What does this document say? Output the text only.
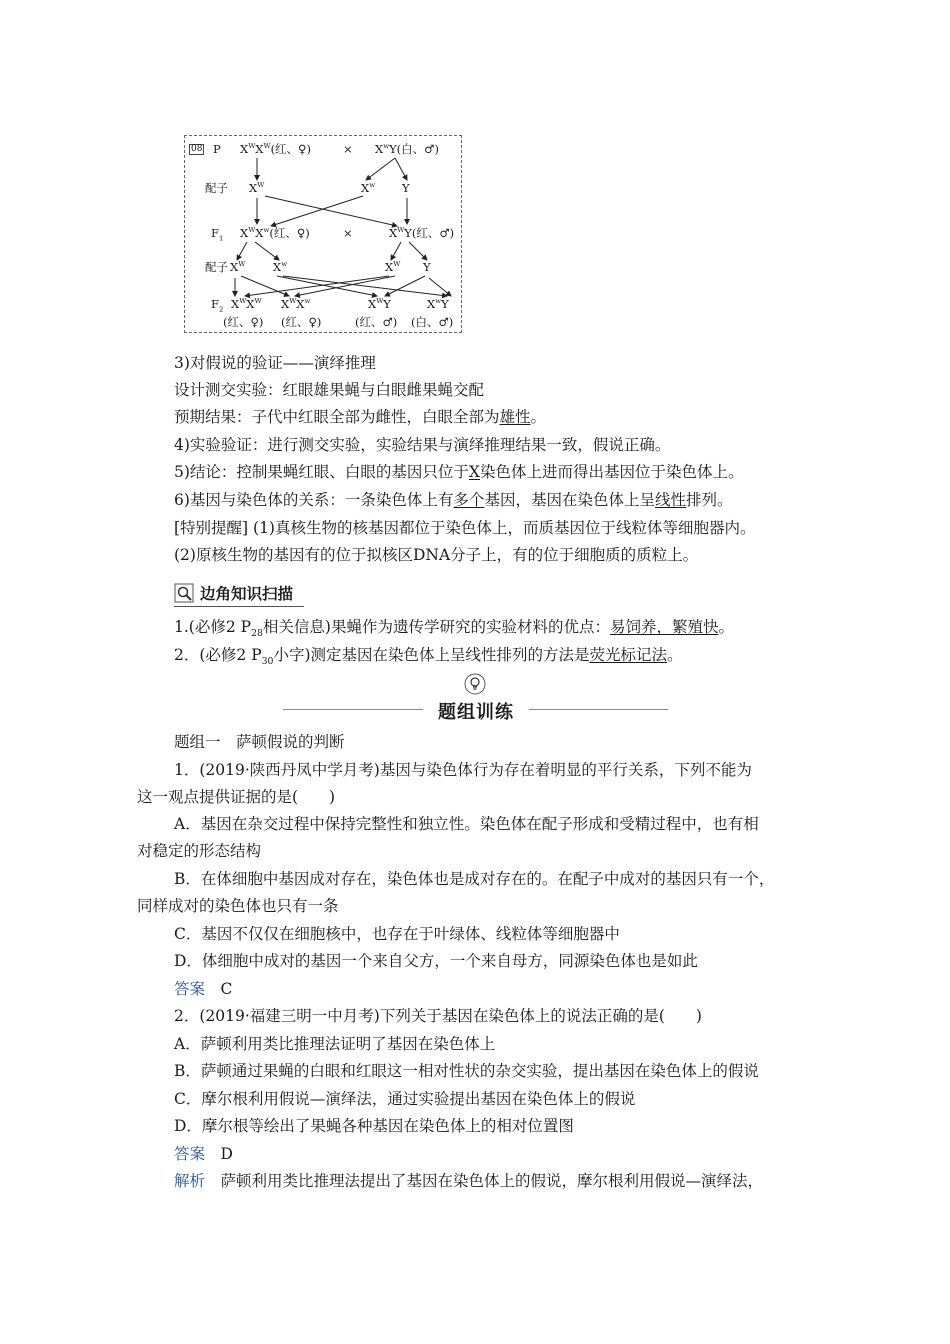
08 P $X^WX^W$(红、♀)	× $X^wY$(白、♂)
配子 $X^W$	$X^w$ Y
$F_1$ $X^WX^w$(红、♀)	×	$X^WY$(红、♂)
配子 $X^W$ $X^w$	$X^W$ Y
$F_2$ $X^WX^W$ $X^WX^w$	$X^WY$	$X^wY$
(红、♀) (红、♀)	(红、♂) (白、♂)
3)对假说的验证——演绎推理
设计测交实验：红眼雄果蝇与白眼雌果蝇交配
预期结果：子代中红眼全部为雌性，白眼全部为雄性。
4)实验验证：进行测交实验，实验结果与演绎推理结果一致，假说正确。
5)结论：控制果蝇红眼、白眼的基因只位于X染色体上进而得出基因位于染色体上。
6)基因与染色体的关系：一条染色体上有多个基因，基因在染色体上呈线性排列。
[特别提醒] (1)真核生物的核基因都位于染色体上，而质基因位于线粒体等细胞器内。
(2)原核生物的基因有的位于拟核区DNA分子上，有的位于细胞质的质粒上。
边角知识扫描
1.(必修2 $P_{28}$相关信息)果蝇作为遗传学研究的实验材料的优点：易饲养，繁殖快。
2．(必修2 $P_{30}$小字)测定基因在染色体上呈线性排列的方法是荧光标记法。
题组训练
题组一　萨顿假说的判断
1．(2019·陕西丹凤中学月考)基因与染色体行为存在着明显的平行关系，下列不能为
这一观点提供证据的是(　　)
A．基因在杂交过程中保持完整性和独立性。染色体在配子形成和受精过程中，也有相
对稳定的形态结构
B．在体细胞中基因成对存在，染色体也是成对存在的。在配子中成对的基因只有一个，
同样成对的染色体也只有一条
C．基因不仅仅在细胞核中，也存在于叶绿体、线粒体等细胞器中
D．体细胞中成对的基因一个来自父方，一个来自母方，同源染色体也是如此
答案　 C
2．(2019·福建三明一中月考)下列关于基因在染色体上的说法正确的是(　　)
A．萨顿利用类比推理法证明了基因在染色体上
B．萨顿通过果蝇的白眼和红眼这一相对性状的杂交实验，提出基因在染色体上的假说
C．摩尔根利用假说—演绎法，通过实验提出基因在染色体上的假说
D．摩尔根等绘出了果蝇各种基因在染色体上的相对位置图
答案　 D
解析　 萨顿利用类比推理法提出了基因在染色体上的假说，摩尔根利用假说—演绎法，
